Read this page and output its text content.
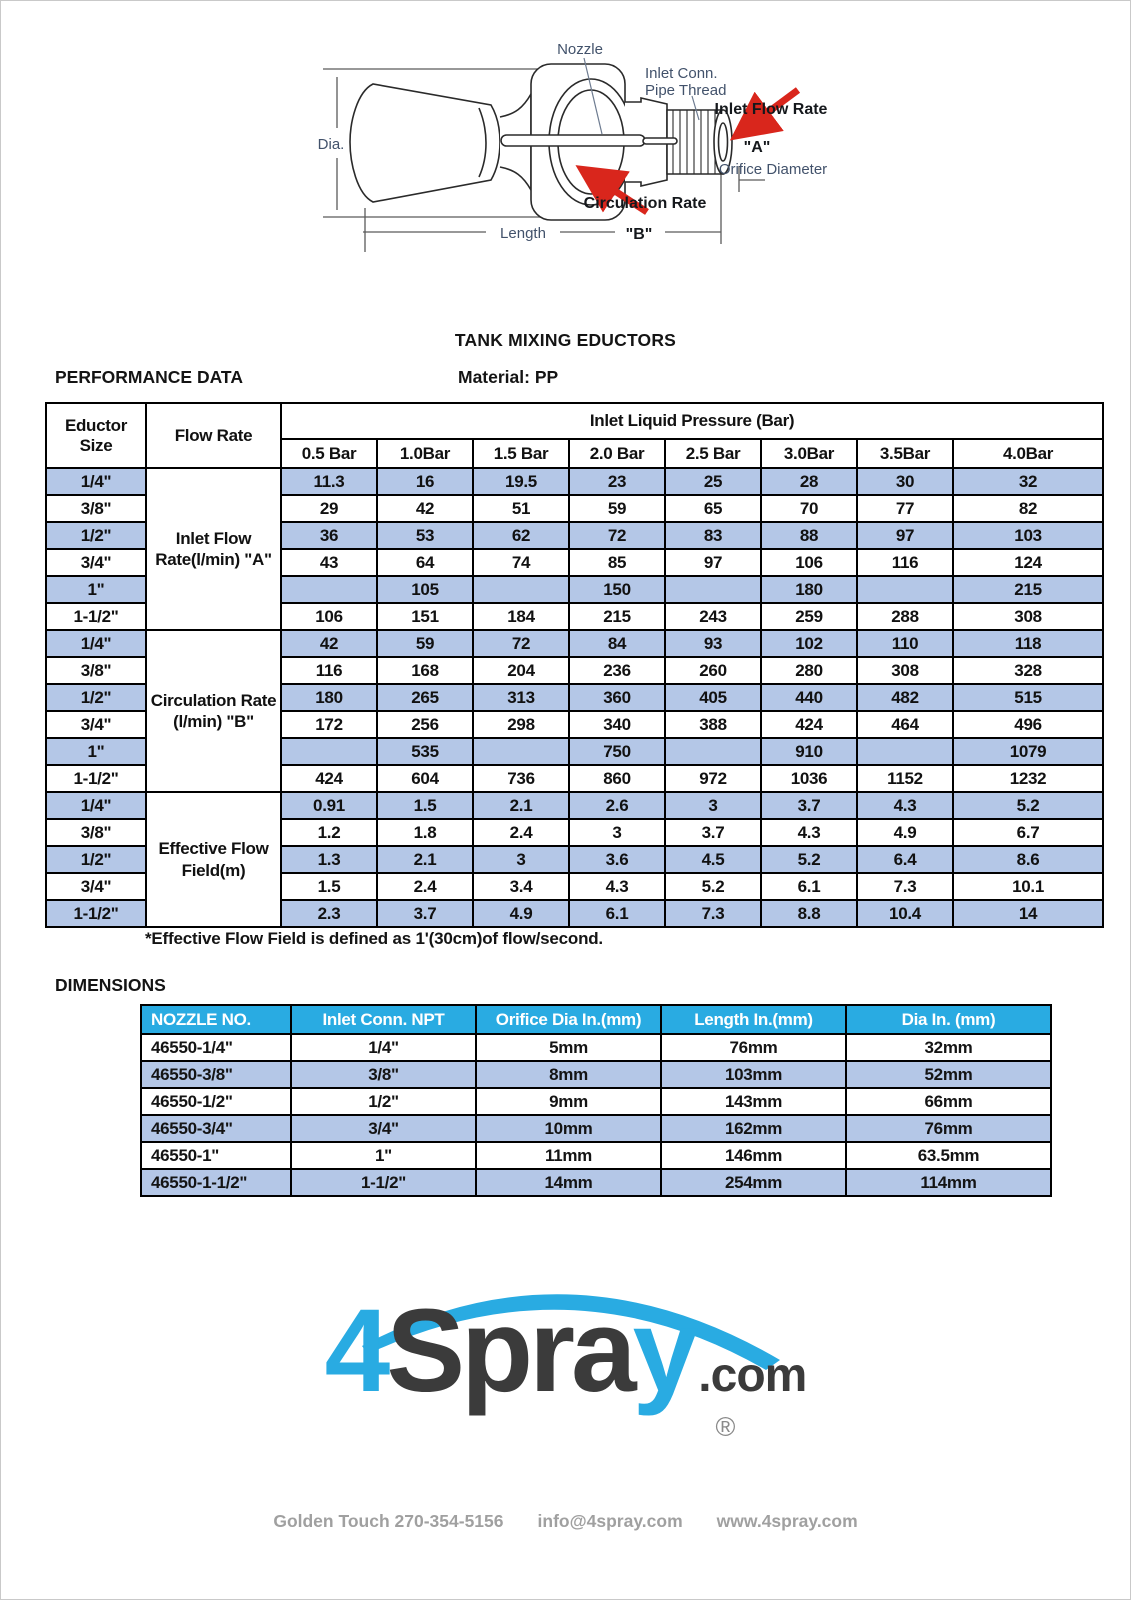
Nozzle
Inlet Conn.
Pipe Thread
Inlet Flow Rate
"A"
Orifice Diameter
Circulation Rate
"B"
Dia.
Length
TANK MIXING EDUCTORS
PERFORMANCE DATA	Material: PP
Eductor Size	Flow Rate	Inlet Liquid Pressure (Bar)							
		0.5 Bar	1.0Bar	1.5 Bar	2.0 Bar	2.5 Bar	3.0Bar	3.5Bar	4.0Bar
1/4"	Inlet Flow Rate(l/min) "A"	11.3	16	19.5	23	25	28	30	32
3/8"		29	42	51	59	65	70	77	82
1/2"		36	53	62	72	83	88	97	103
3/4"		43	64	74	85	97	106	116	124
1"			105		150		180		215
1-1/2"		106	151	184	215	243	259	288	308
1/4"	Circulation Rate (l/min) "B"	42	59	72	84	93	102	110	118
3/8"		116	168	204	236	260	280	308	328
1/2"		180	265	313	360	405	440	482	515
3/4"		172	256	298	340	388	424	464	496
1"			535		750		910		1079
1-1/2"		424	604	736	860	972	1036	1152	1232
1/4"	Effective Flow Field(m)	0.91	1.5	2.1	2.6	3	3.7	4.3	5.2
3/8"		1.2	1.8	2.4	3	3.7	4.3	4.9	6.7
1/2"		1.3	2.1	3	3.6	4.5	5.2	6.4	8.6
3/4"		1.5	2.4	3.4	4.3	5.2	6.1	7.3	10.1
1-1/2"		2.3	3.7	4.9	6.1	7.3	8.8	10.4	14
*Effective Flow Field is defined as 1'(30cm)of flow/second.
DIMENSIONS
NOZZLE NO.	Inlet Conn. NPT	Orifice Dia In.(mm)	Length In.(mm)	Dia In. (mm)
46550-1/4"	1/4"	5mm	76mm	32mm
46550-3/8"	3/8"	8mm	103mm	52mm
46550-1/2"	1/2"	9mm	143mm	66mm
46550-3/4"	3/4"	10mm	162mm	76mm
46550-1"	1"	11mm	146mm	63.5mm
46550-1-1/2"	1-1/2"	14mm	254mm	114mm
4 Spra y .com
®
Golden Touch 270-354-5156 info@4spray.com www.4spray.com
